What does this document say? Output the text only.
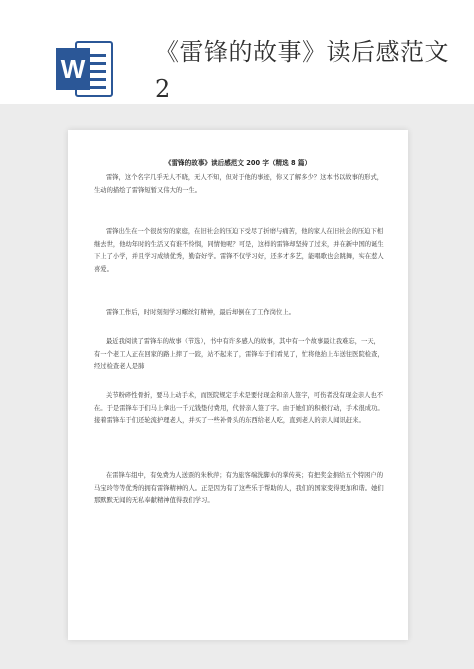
W
《雷锋的故事》读后感范文2
《雷锋的故事》读后感范文 200 字（精选 8 篇）

雷锋，这个名字几乎无人不晓，无人不知，但对于他的事迹，你又了解多少？这本书以故事的形式，生动的描绘了雷锋短暂又伟大的一生。

雷锋出生在一个很贫穷的家庭，在旧社会的压迫下受尽了折磨与痛苦，他的家人在旧社会的压迫下相继去世，他幼年时的生活又有谁不怜悯，同情他呢？可是，这样的雷锋却坚持了过来，并在新中国的诞生下上了小学，并且学习成绩优秀，勤奋好学。雷锋不仅学习好，还多才多艺，能唱歌也会跳舞，实在惹人喜爱。

雷锋工作后，时时刻刻学习螺丝钉精神，最后却倒在了工作岗位上。

最近我阅读了雷锋车的故事（节选），书中有许多感人的故事，其中有一个故事最让我难忘，一天，有一个老工人正在回家的路上摔了一跤，站不起来了，雷锋车于们看见了，忙将他抬上车送往医院检查，经过检查老人是肺

关节粉碎性骨折，要马上动手术，而医院规定手术是要付现金和亲人签字，可伤者没有现金亲人也不在。于是雷锋车于们马上拿出一千元钱垫付费用，代替亲人签了字。由于她们的积极行动，手术很成功。接着雷锋车于们还轮流护理老人，并买了一些补骨头的东西给老人吃，直到老人的亲人闻讯赶来。

在雷锋车组中，有免费为人送票的朱秋萍；有为旅客端洗脚水的掌传英；有把奖金捐给五个特困户的马宝玲等等优秀的拥有雷锋精神的人。正是因为有了这些乐于帮助的人，我们的国家变得更加和谐。她们那默默无闻的无私奉献精神值得我们学习。
